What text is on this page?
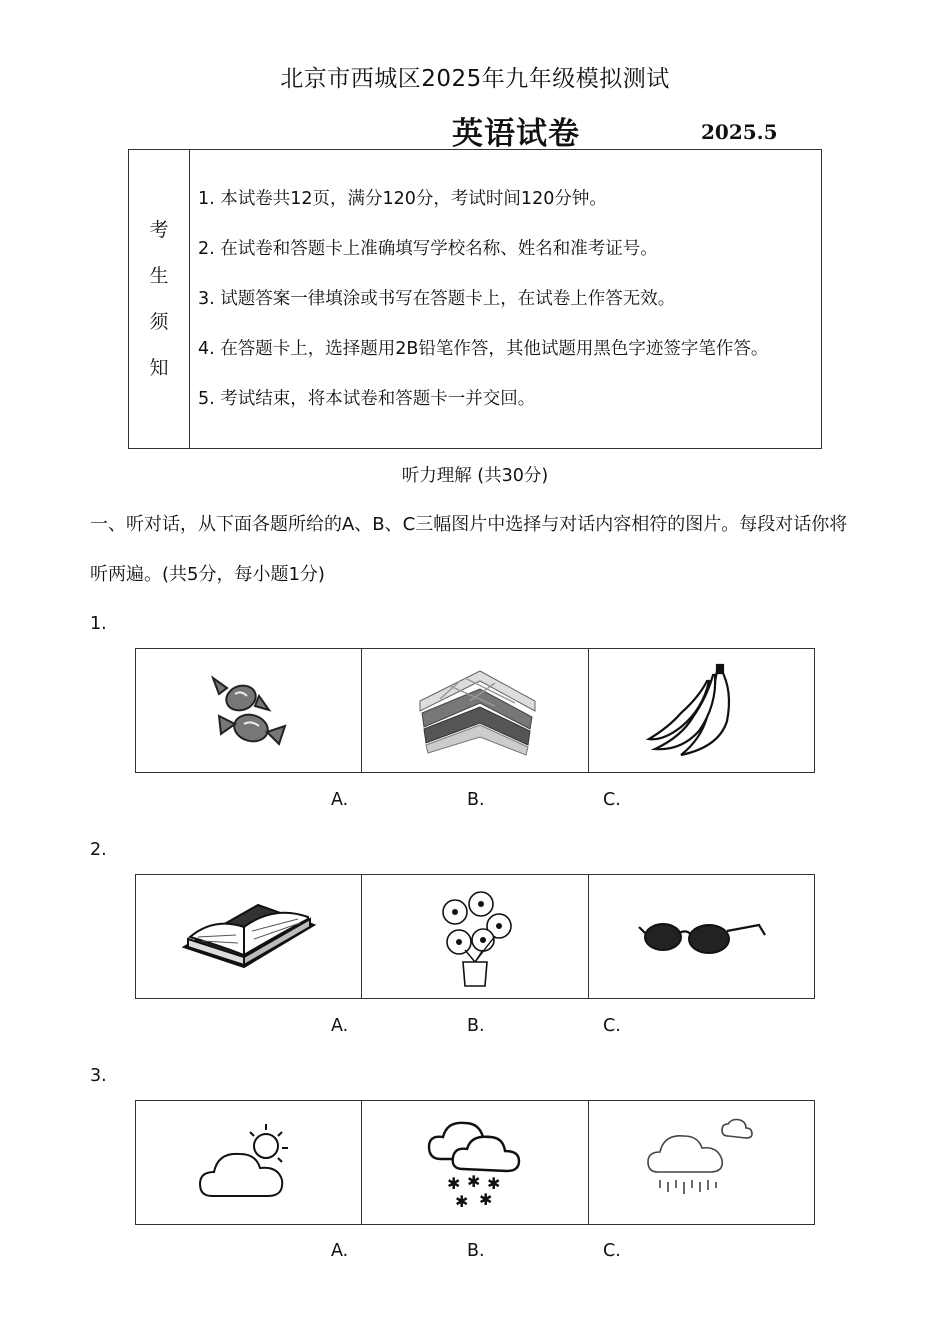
北京市西城区2025年九年级模拟测试
英语试卷	2025.5
考
生
须
知

1. 本试卷共12页，满分120分，考试时间120分钟。
2. 在试卷和答题卡上准确填写学校名称、姓名和准考证号。
3. 试题答案一律填涂或书写在答题卡上，在试卷上作答无效。
4. 在答题卡上，选择题用2B铅笔作答，其他试题用黑色字迹签字笔作答。
5. 考试结束，将本试卷和答题卡一并交回。
听力理解 (共30分)
一、听对话，从下面各题所给的A、B、C三幅图片中选择与对话内容相符的图片。每段对话你将听两遍。(共5分，每小题1分)
1.
A.	B.	C.
2.
A.	B.	C.
3.
✱ ✱ ✱
✱ ✱
A.	B.	C.
